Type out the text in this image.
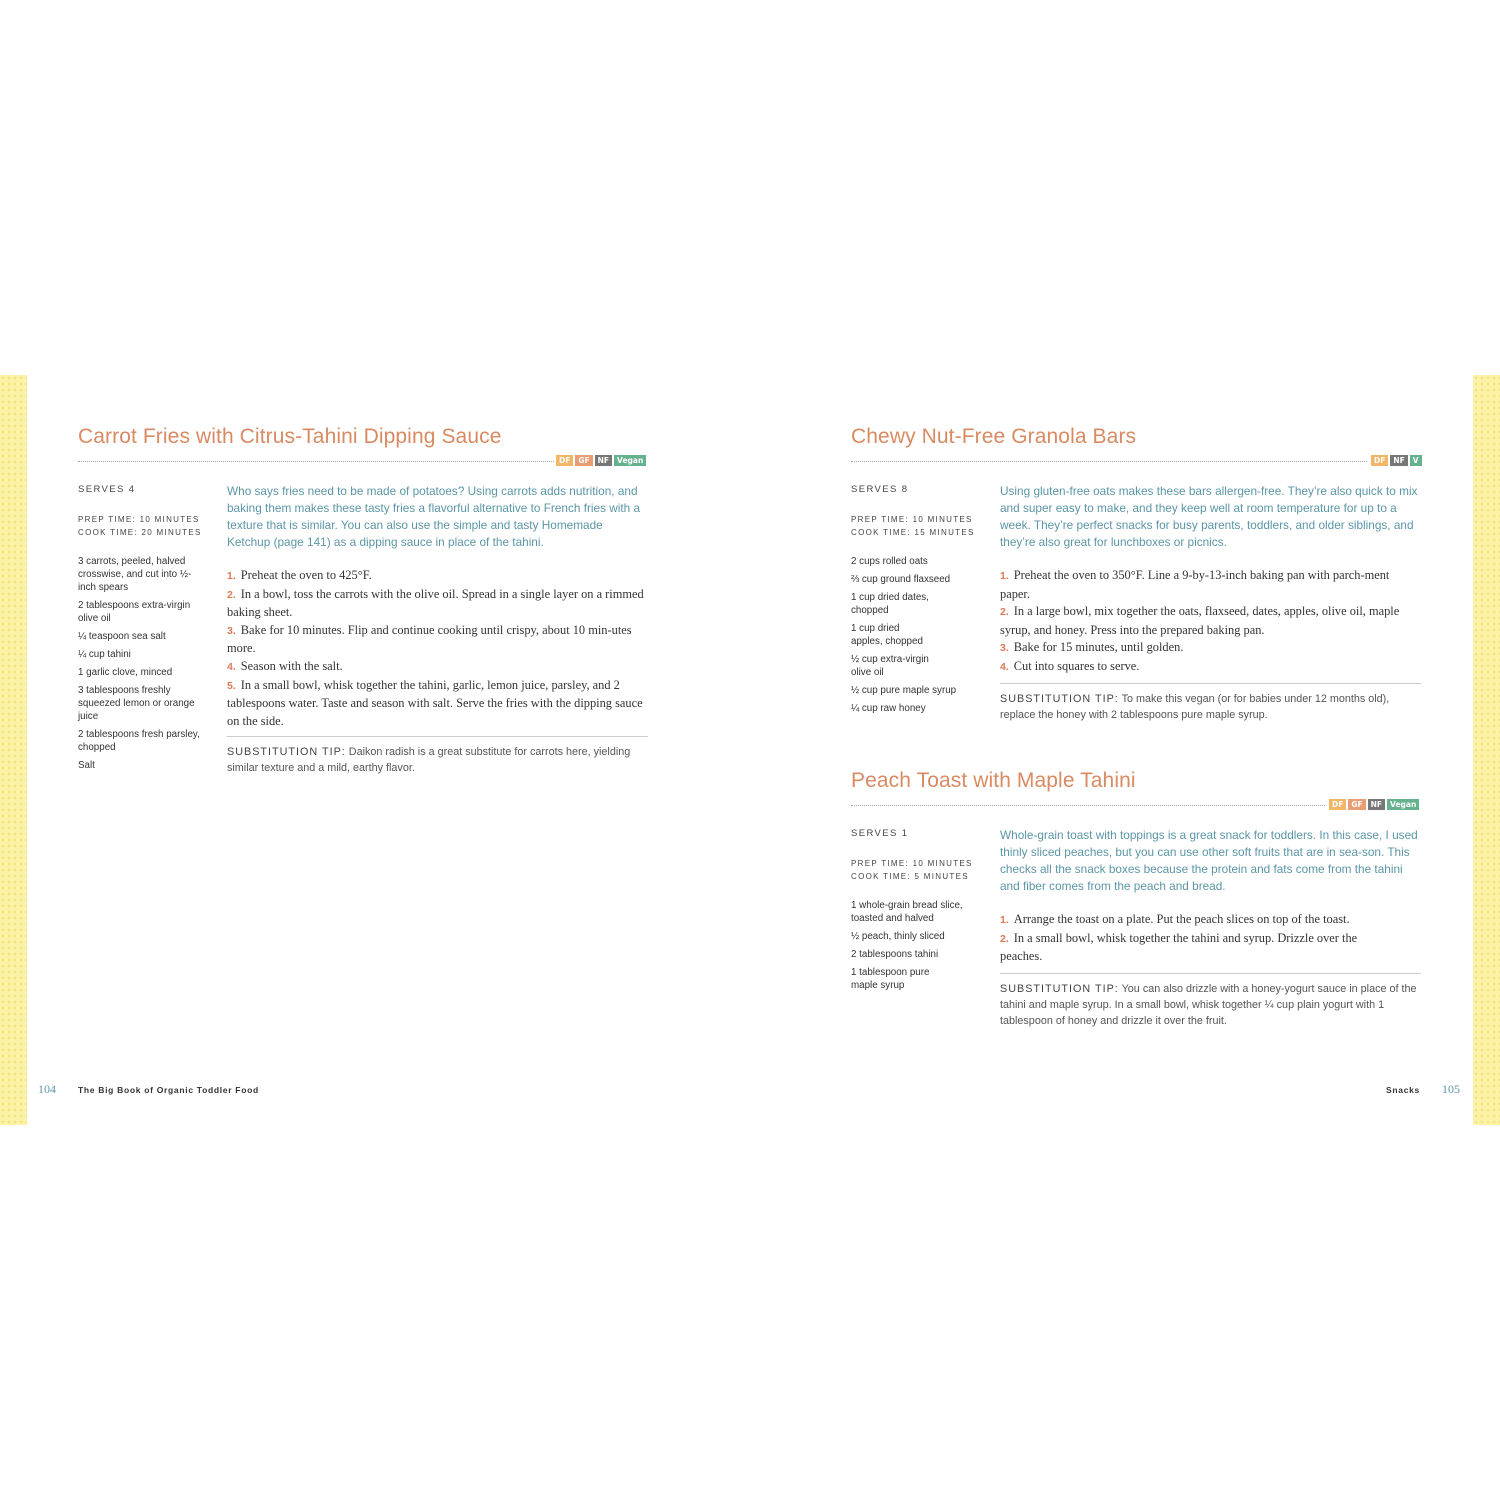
Carrot Fries with Citrus-Tahini Dipping Sauce
DF	GF	NF	Vegan
SERVES 4
PREP TIME: 10 MINUTES
COOK TIME: 20 MINUTES
3 carrots, peeled, halved crosswise, and cut into ½-inch spears
2 tablespoons extra-virgin olive oil
¼ teaspoon sea salt
¼ cup tahini
1 garlic clove, minced
3 tablespoons freshly squeezed lemon or orange juice
2 tablespoons fresh parsley, chopped
Salt

Who says fries need to be made of potatoes? Using carrots adds nutrition, and baking them makes these tasty fries a flavorful alternative to French fries with a texture that is similar. You can also use the simple and tasty Homemade Ketchup (page 141) as a dipping sauce in place of the tahini.

1. Preheat the oven to 425°F.
2. In a bowl, toss the carrots with the olive oil. Spread in a single layer on a rimmed baking sheet.
3. Bake for 10 minutes. Flip and continue cooking until crispy, about 10 min-utes more.
4. Season with the salt.
5. In a small bowl, whisk together the tahini, garlic, lemon juice, parsley, and 2 tablespoons water. Taste and season with salt. Serve the fries with the dipping sauce on the side.

SUBSTITUTION TIP: Daikon radish is a great substitute for carrots here, yielding similar texture and a mild, earthy flavor.

Chewy Nut-Free Granola Bars
DF	NF	V
SERVES 8
PREP TIME: 10 MINUTES
COOK TIME: 15 MINUTES
2 cups rolled oats
⅔ cup ground flaxseed
1 cup dried dates, chopped
1 cup dried apples, chopped
½ cup extra-virgin olive oil
½ cup pure maple syrup
¼ cup raw honey

Using gluten-free oats makes these bars allergen-free. They’re also quick to mix and super easy to make, and they keep well at room temperature for up to a week. They’re perfect snacks for busy parents, toddlers, and older siblings, and they’re also great for lunchboxes or picnics.

1. Preheat the oven to 350°F. Line a 9-by-13-inch baking pan with parch-ment paper.
2. In a large bowl, mix together the oats, flaxseed, dates, apples, olive oil, maple syrup, and honey. Press into the prepared baking pan.
3. Bake for 15 minutes, until golden.
4. Cut into squares to serve.

SUBSTITUTION TIP: To make this vegan (or for babies under 12 months old), replace the honey with 2 tablespoons pure maple syrup.

Peach Toast with Maple Tahini
DF	GF	NF	Vegan
SERVES 1
PREP TIME: 10 MINUTES
COOK TIME: 5 MINUTES
1 whole-grain bread slice, toasted and halved
½ peach, thinly sliced
2 tablespoons tahini
1 tablespoon pure maple syrup

Whole-grain toast with toppings is a great snack for toddlers. In this case, I used thinly sliced peaches, but you can use other soft fruits that are in sea-son. This checks all the snack boxes because the protein and fats come from the tahini and fiber comes from the peach and bread.

1. Arrange the toast on a plate. Put the peach slices on top of the toast.
2. In a small bowl, whisk together the tahini and syrup. Drizzle over the peaches.

SUBSTITUTION TIP: You can also drizzle with a honey-yogurt sauce in place of the tahini and maple syrup. In a small bowl, whisk together ¼ cup plain yogurt with 1 tablespoon of honey and drizzle it over the fruit.

104	The Big Book of Organic Toddler Food	Snacks 105
